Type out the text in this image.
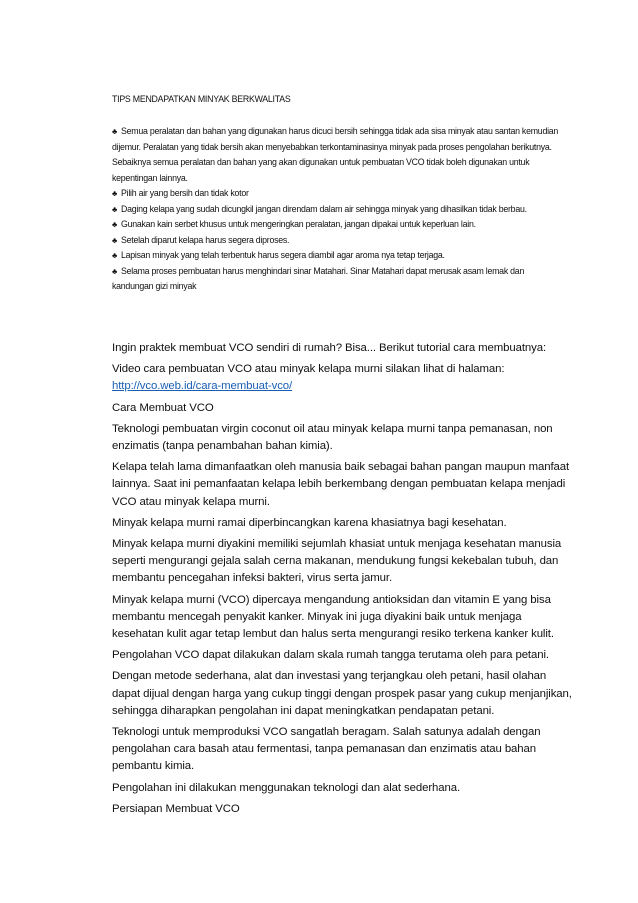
TIPS MENDAPATKAN MINYAK BERKWALITAS

♣ Semua peralatan dan bahan yang digunakan harus dicuci bersih sehingga tidak ada sisa minyak atau santan kemudian dijemur. Peralatan yang tidak bersih akan menyebabkan terkontaminasinya minyak pada proses pengolahan berikutnya. Sebaiknya semua peralatan dan bahan yang akan digunakan untuk pembuatan VCO tidak boleh digunakan untuk kepentingan lainnya.

♣ Pilih air yang bersih dan tidak kotor

♣ Daging kelapa yang sudah dicungkil jangan direndam dalam air sehingga minyak yang dihasilkan tidak berbau.

♣ Gunakan kain serbet khusus untuk mengeringkan peralatan, jangan dipakai untuk keperluan lain.

♣ Setelah diparut kelapa harus segera diproses.

♣ Lapisan minyak yang telah terbentuk harus segera diambil agar aroma nya tetap terjaga.

♣ Selama proses pembuatan harus menghindari sinar Matahari. Sinar Matahari dapat merusak asam lemak dan kandungan gizi minyak

Ingin praktek membuat VCO sendiri di rumah? Bisa... Berikut tutorial cara membuatnya:

Video cara pembuatan VCO atau minyak kelapa murni silakan lihat di halaman: http://vco.web.id/cara-membuat-vco/

Cara Membuat VCO

Teknologi pembuatan virgin coconut oil atau minyak kelapa murni tanpa pemanasan, non enzimatis (tanpa penambahan bahan kimia).

Kelapa telah lama dimanfaatkan oleh manusia baik sebagai bahan pangan maupun manfaat lainnya. Saat ini pemanfaatan kelapa lebih berkembang dengan pembuatan kelapa menjadi VCO atau minyak kelapa murni.

Minyak kelapa murni ramai diperbincangkan karena khasiatnya bagi kesehatan.

Minyak kelapa murni diyakini memiliki sejumlah khasiat untuk menjaga kesehatan manusia seperti mengurangi gejala salah cerna makanan, mendukung fungsi kekebalan tubuh, dan membantu pencegahan infeksi bakteri, virus serta jamur.

Minyak kelapa murni (VCO) dipercaya mengandung antioksidan dan vitamin E yang bisa membantu mencegah penyakit kanker. Minyak ini juga diyakini baik untuk menjaga kesehatan kulit agar tetap lembut dan halus serta mengurangi resiko terkena kanker kulit.

Pengolahan VCO dapat dilakukan dalam skala rumah tangga terutama oleh para petani.

Dengan metode sederhana, alat dan investasi yang terjangkau oleh petani, hasil olahan dapat dijual dengan harga yang cukup tinggi dengan prospek pasar yang cukup menjanjikan, sehingga diharapkan pengolahan ini dapat meningkatkan pendapatan petani.

Teknologi untuk memproduksi VCO sangatlah beragam. Salah satunya adalah dengan pengolahan cara basah atau fermentasi, tanpa pemanasan dan enzimatis atau bahan pembantu kimia.

Pengolahan ini dilakukan menggunakan teknologi dan alat sederhana.

Persiapan Membuat VCO
